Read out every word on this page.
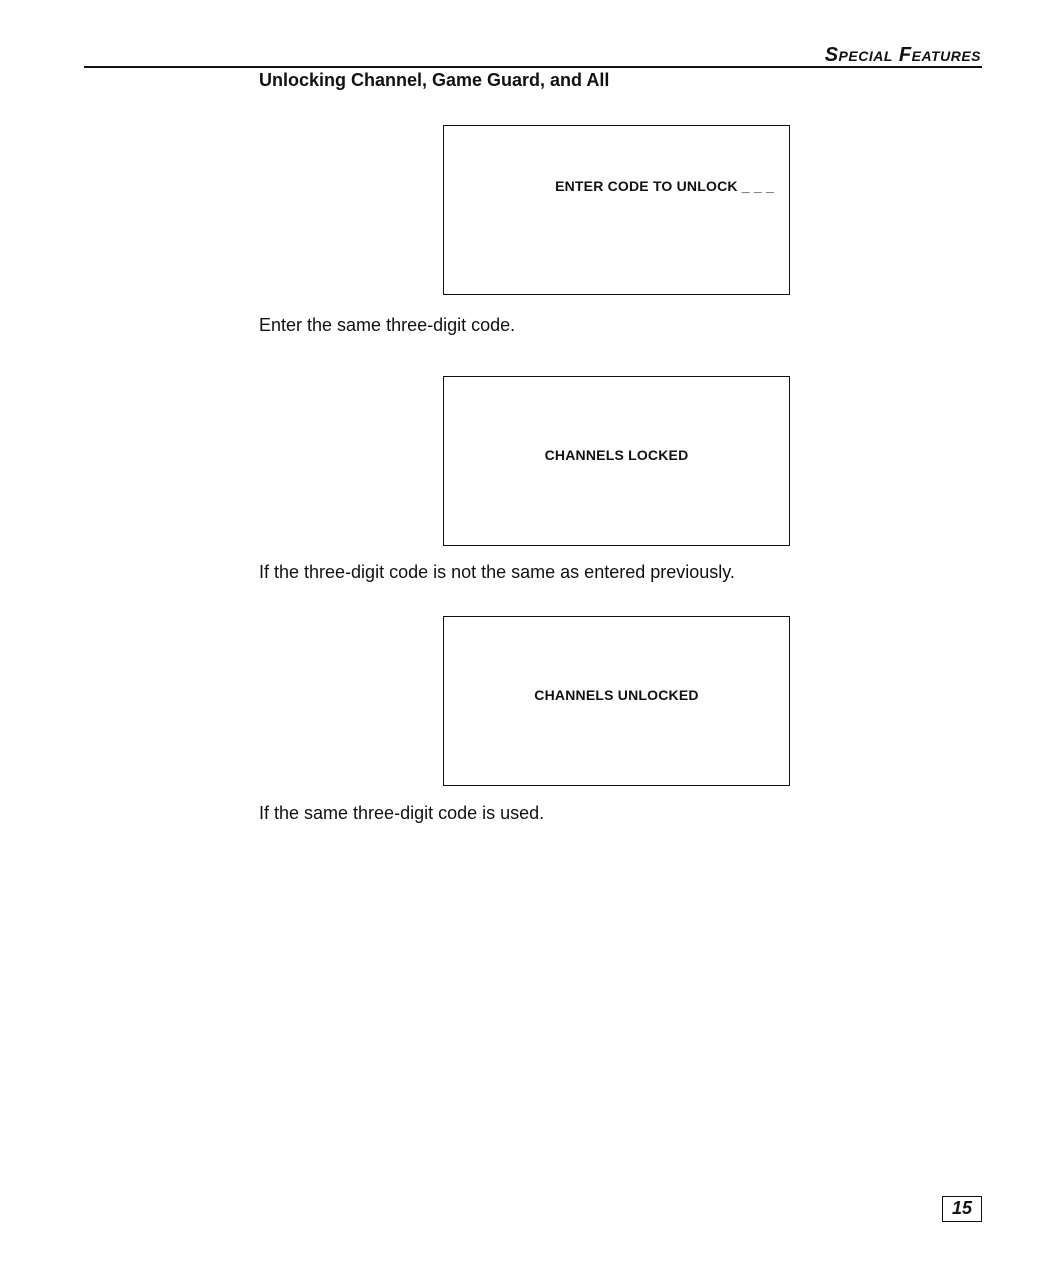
Special Features
Unlocking Channel, Game Guard, and All
ENTER CODE TO UNLOCK _ _ _
Enter the same three-digit code.
CHANNELS LOCKED
If the three-digit code is not the same as entered previously.
CHANNELS UNLOCKED
If the same three-digit code is used.
15
